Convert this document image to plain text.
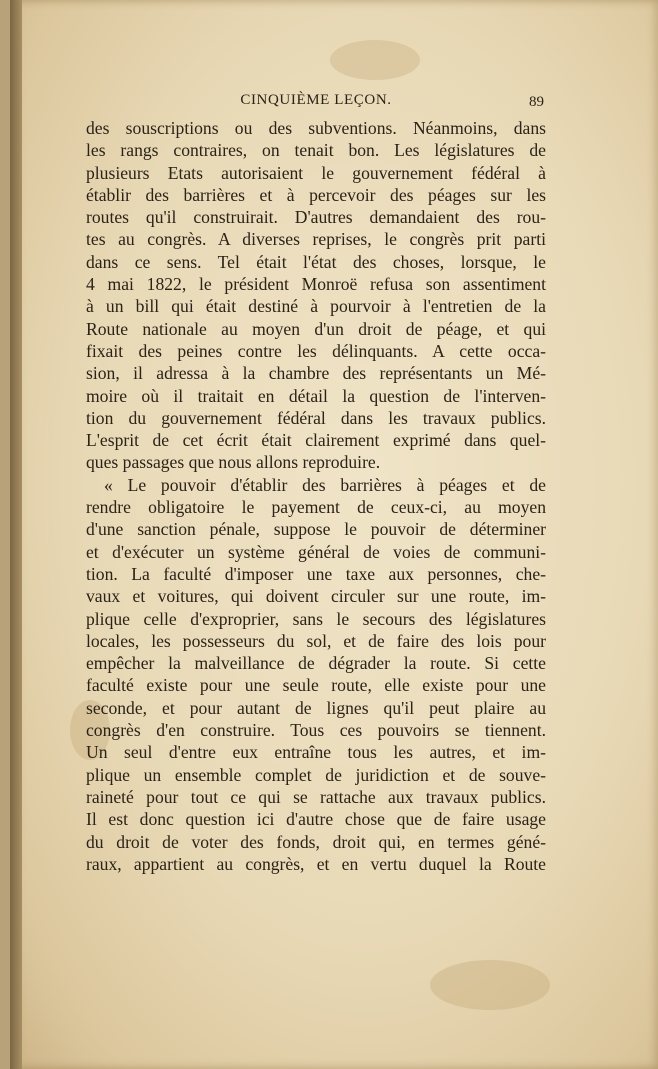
CINQUIÈME LEÇON.	89
des souscriptions ou des subventions. Néanmoins, dans
les rangs contraires, on tenait bon. Les législatures de
plusieurs Etats autorisaient le gouvernement fédéral à
établir des barrières et à percevoir des péages sur les
routes qu'il construirait. D'autres demandaient des rou-
tes au congrès. A diverses reprises, le congrès prit parti
dans ce sens. Tel était l'état des choses, lorsque, le
4 mai 1822, le président Monroë refusa son assentiment
à un bill qui était destiné à pourvoir à l'entretien de la
Route nationale au moyen d'un droit de péage, et qui
fixait des peines contre les délinquants. A cette occa-
sion, il adressa à la chambre des représentants un Mé-
moire où il traitait en détail la question de l'interven-
tion du gouvernement fédéral dans les travaux publics.
L'esprit de cet écrit était clairement exprimé dans quel-
ques passages que nous allons reproduire.
« Le pouvoir d'établir des barrières à péages et de
rendre obligatoire le payement de ceux-ci, au moyen
d'une sanction pénale, suppose le pouvoir de déterminer
et d'exécuter un système général de voies de communi-
tion. La faculté d'imposer une taxe aux personnes, che-
vaux et voitures, qui doivent circuler sur une route, im-
plique celle d'exproprier, sans le secours des législatures
locales, les possesseurs du sol, et de faire des lois pour
empêcher la malveillance de dégrader la route. Si cette
faculté existe pour une seule route, elle existe pour une
seconde, et pour autant de lignes qu'il peut plaire au
congrès d'en construire. Tous ces pouvoirs se tiennent.
Un seul d'entre eux entraîne tous les autres, et im-
plique un ensemble complet de juridiction et de souve-
raineté pour tout ce qui se rattache aux travaux publics.
Il est donc question ici d'autre chose que de faire usage
du droit de voter des fonds, droit qui, en termes géné-
raux, appartient au congrès, et en vertu duquel la Route
